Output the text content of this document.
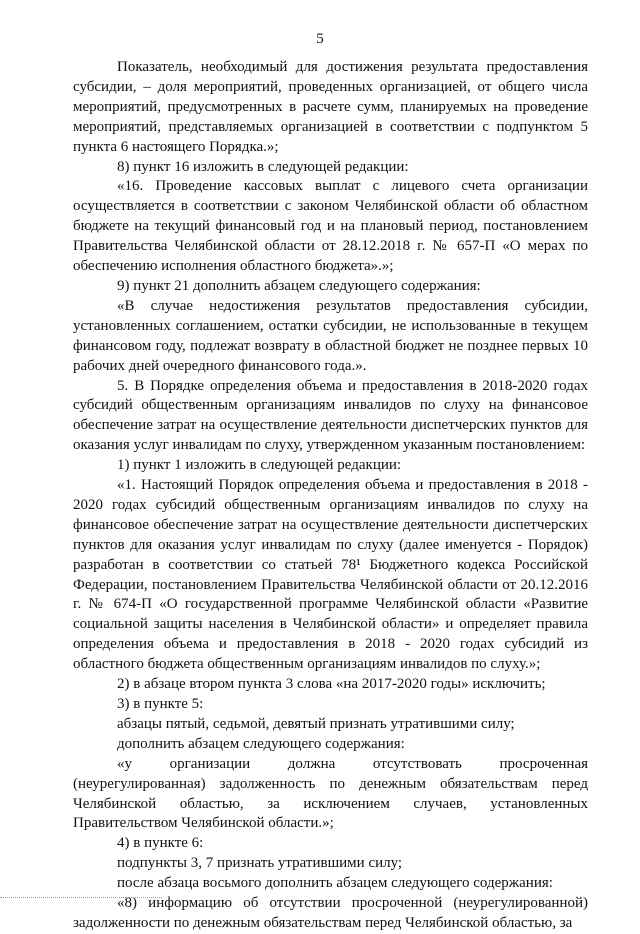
5

Показатель, необходимый для достижения результата предоставления субсидии, – доля мероприятий, проведенных организацией, от общего числа мероприятий, предусмотренных в расчете сумм, планируемых на проведение мероприятий, представляемых организацией в соответствии с подпунктом 5 пункта 6 настоящего Порядка.»;

8) пункт 16 изложить в следующей редакции:

«16. Проведение кассовых выплат с лицевого счета организации осуществляется в соответствии с законом Челябинской области об областном бюджете на текущий финансовый год и на плановый период, постановлением Правительства Челябинской области от 28.12.2018 г. № 657-П «О мерах по обеспечению исполнения областного бюджета».»;

9) пункт 21 дополнить абзацем следующего содержания:

«В случае недостижения результатов предоставления субсидии, установленных соглашением, остатки субсидии, не использованные в текущем финансовом году, подлежат возврату в областной бюджет не позднее первых 10 рабочих дней очередного финансового года.».

5. В Порядке определения объема и предоставления в 2018-2020 годах субсидий общественным организациям инвалидов по слуху на финансовое обеспечение затрат на осуществление деятельности диспетчерских пунктов для оказания услуг инвалидам по слуху, утвержденном указанным постановлением:

1) пункт 1 изложить в следующей редакции:

«1. Настоящий Порядок определения объема и предоставления в 2018 - 2020 годах субсидий общественным организациям инвалидов по слуху на финансовое обеспечение затрат на осуществление деятельности диспетчерских пунктов для оказания услуг инвалидам по слуху (далее именуется - Порядок) разработан в соответствии со статьей 78¹ Бюджетного кодекса Российской Федерации, постановлением Правительства Челябинской области от 20.12.2016 г. № 674-П «О государственной программе Челябинской области «Развитие социальной защиты населения в Челябинской области» и определяет правила определения объема и предоставления в 2018 - 2020 годах субсидий из областного бюджета общественным организациям инвалидов по слуху.»;

2) в абзаце втором пункта 3 слова «на 2017-2020 годы» исключить;

3) в пункте 5:

абзацы пятый, седьмой, девятый признать утратившими силу;

дополнить абзацем следующего содержания:

«у организации должна отсутствовать просроченная (неурегулированная) задолженность по денежным обязательствам перед Челябинской областью, за исключением случаев, установленных Правительством Челябинской области.»;

4) в пункте 6:

подпункты 3, 7 признать утратившими силу;

после абзаца восьмого дополнить абзацем следующего содержания:

«8) информацию об отсутствии просроченной (неурегулированной) задолженности по денежным обязательствам перед Челябинской областью, за
